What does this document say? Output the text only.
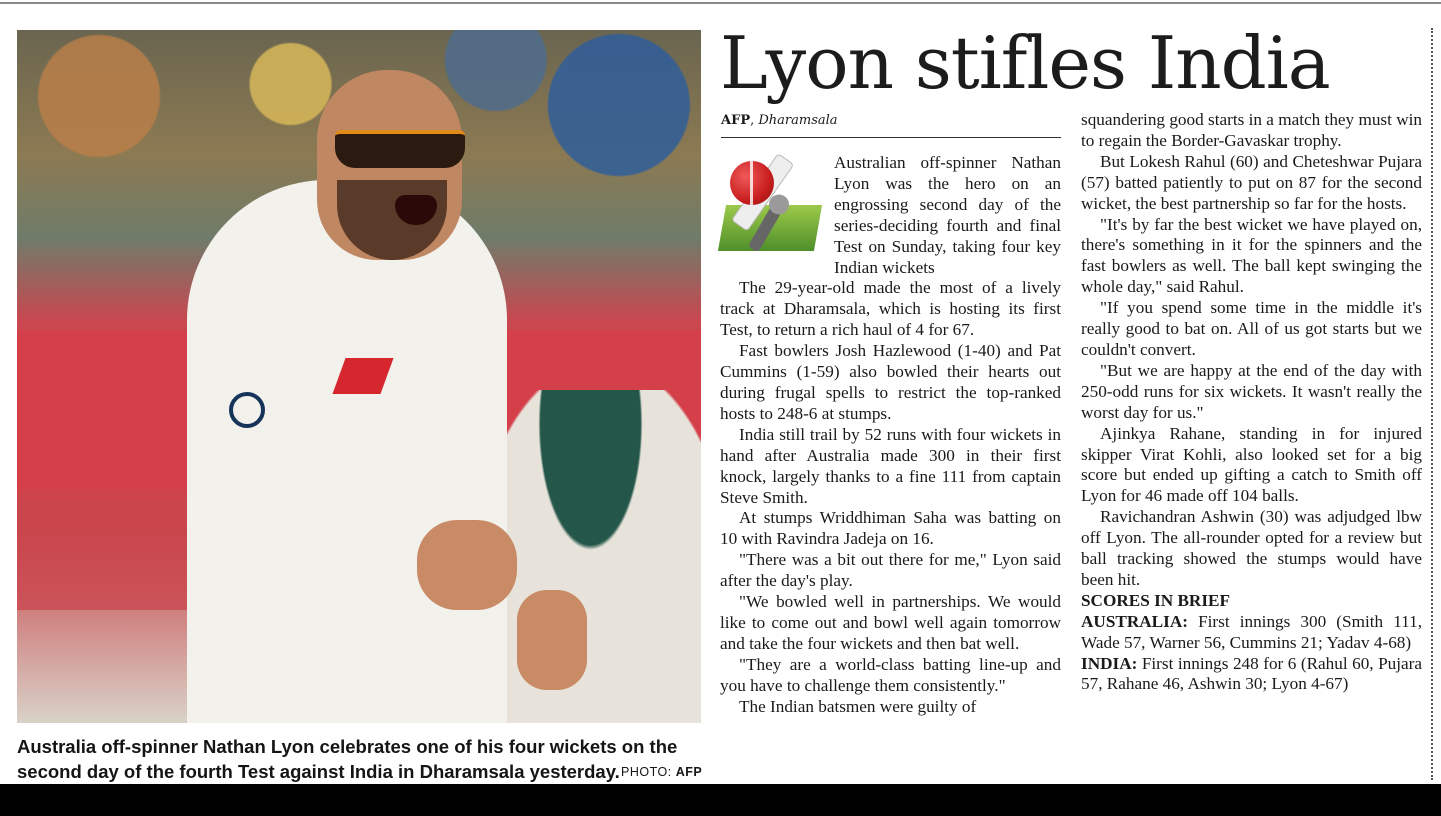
Australia off-spinner Nathan Lyon celebrates one of his four wickets on the second day of the fourth Test against India in Dharamsala yesterday. PHOTO: AFP
Lyon stifles India
AFP, Dharamsala

Australian off-spinner Nathan Lyon was the hero on an engrossing second day of the series-deciding fourth and final Test on Sunday, taking four key Indian wickets

The 29-year-old made the most of a lively track at Dharamsala, which is hosting its first Test, to return a rich haul of 4 for 67.

Fast bowlers Josh Hazlewood (1-40) and Pat Cummins (1-59) also bowled their hearts out during frugal spells to restrict the top-ranked hosts to 248-6 at stumps.

India still trail by 52 runs with four wickets in hand after Australia made 300 in their first knock, largely thanks to a fine 111 from captain Steve Smith.

At stumps Wriddhiman Saha was batting on 10 with Ravindra Jadeja on 16.

"There was a bit out there for me," Lyon said after the day's play.

"We bowled well in partnerships. We would like to come out and bowl well again tomorrow and take the four wickets and then bat well.

"They are a world-class batting line-up and you have to challenge them consistently."

The Indian batsmen were guilty of

squandering good starts in a match they must win to regain the Border-Gavaskar trophy.

But Lokesh Rahul (60) and Cheteshwar Pujara (57) batted patiently to put on 87 for the second wicket, the best partnership so far for the hosts.

"It's by far the best wicket we have played on, there's something in it for the spinners and the fast bowlers as well. The ball kept swinging the whole day," said Rahul.

"If you spend some time in the middle it's really good to bat on. All of us got starts but we couldn't convert.

"But we are happy at the end of the day with 250-odd runs for six wickets. It wasn't really the worst day for us."

Ajinkya Rahane, standing in for injured skipper Virat Kohli, also looked set for a big score but ended up gifting a catch to Smith off Lyon for 46 made off 104 balls.

Ravichandran Ashwin (30) was adjudged lbw off Lyon. The all-rounder opted for a review but ball tracking showed the stumps would have been hit.

SCORES IN BRIEF

AUSTRALIA: First innings 300 (Smith 111, Wade 57, Warner 56, Cummins 21; Yadav 4-68)

INDIA: First innings 248 for 6 (Rahul 60, Pujara 57, Rahane 46, Ashwin 30; Lyon 4-67)
